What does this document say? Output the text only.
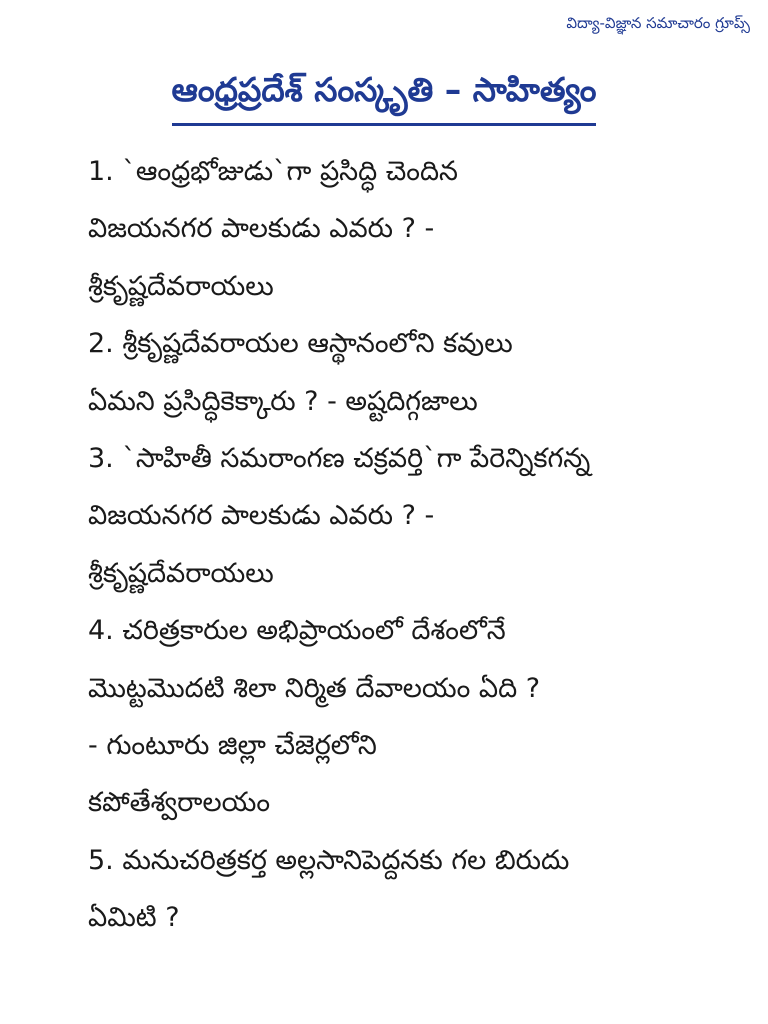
విద్యా-విజ్ఞాన సమాచారం గ్రూప్స్
ఆంధ్రప్రదేశ్ సంస్కృతి – సాహిత్యం
1. `ఆంధ్రభోజుడు`గా ప్రసిద్ధి చెందిన
విజయనగర పాలకుడు ఎవరు ? -
శ్రీకృష్ణదేవరాయలు
2. శ్రీకృష్ణదేవరాయల ఆస్థానంలోని కవులు
ఏమని ప్రసిద్ధికెక్కారు ? - అష్టదిగ్గజాలు
3. `సాహితీ సమరాంగణ చక్రవర్తి`గా పేరెన్నికగన్న
విజయనగర పాలకుడు ఎవరు ? -
శ్రీకృష్ణదేవరాయలు
4. చరిత్రకారుల అభిప్రాయంలో దేశంలోనే
మొట్టమొదటి శిలా నిర్మిత దేవాలయం ఏది ?
- గుంటూరు జిల్లా చేజెర్లలోని
కపోతేశ్వరాలయం
5. మనుచరిత్రకర్త అల్లసానిపెద్దనకు గల బిరుదు
ఏమిటి ?
